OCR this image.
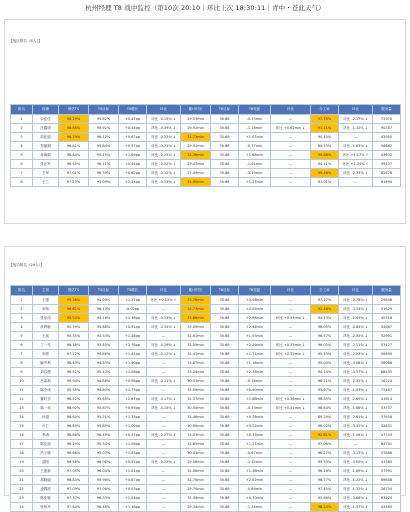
杭州经理 T8 战中监控（第10次 20:10｜环比上次 18:30:11｜青中・苍此天气）
【战区排名（8人）】
排名	经理	预估TS	TS目标	TS增长	环比	累计时长	T8目标	T8差距	环比	分工率	环比	服务量
1	余佳佳	96.29%	95.82%	+0.47pp	环比 -0.15% ↓	29.53min	30.68	-0.75min	—	97.75%	环比 -2.17% ↓	72970
2	沈耀明	96.85%	95.92%	+0.44pp	环比 -0.39% ↓	29.92min	30.68	-1.16min	环比 +0.62min ↓	91.11%	环比 -1.32% ↓	90357
3	周佳丽	96.79%	96.12%	+0.67pp	环比 -0.22% ↓	31.73min	30.68	+1.07min	—	90.40%	—	43950
4	郑丽娟	96.81%	95.84%	+0.97pp	环比 -0.21% ↓	29.91min	30.68	-0.77min	—	89.75%	环比 -1.63% ↓	56862
5	蒋海娟	96.84%	95.15%	+1.69pp	环比 -0.25% ↓	32.36min	30.68	+1.68min	—	99.68%	环比 +1.17% ↑	43632
6	张正军	96.55%	96.11%	+0.44pp	环比 -0.22% ↓	29.07min	30.68	-1.61min	—	94.41%	环比 +3.34% ↑	59437
7	王军	97.01%	96.39%	+0.62pp	环比 -0.12% ↓	27.49min	30.68	-3.19min	—	99.46%	环比 -2.33% ↓	82676
8	王兰	97.23%	95.09%	+2.14pp	环比 -0.13% ↓	31.95min	30.68	+1.27min	—	91.01%	—	61694
【战功排名（24人）】
排名	主管	预估TS	TS目标	TS增长	环比	累计时长	T8目标	T8差距	环比	分工率	环比	服务量
1	王强	95.36%	94.09%	+1.27pp	环比 +0.13% ↑	33.78min	30.68	+3.08min	—	97.27%	环比 -0.78% ↓	29846
2	刘伟	96.61%	96.13%	-0.02pp	—	34.73min	30.68	+4.05min	—	92.48%	环比 -3.54% ↓	51629
3	张东伟	95.54%	94.16%	+1.38pp	环比 -0.13% ↓	33.66min	30.68	+2.98min	环比 +0.34min ↓	94.13%	环比 -2.45% ↓	40318
4	丝利敏	95.79%	94.68%	+0.91pp	环比 -0.34% ↓	33.09min	30.68	+2.42min	—	96.05%	环比 -0.84% ↓	34667
5	王滨	95.35%	94.53%	+1.48pp	—	32.61min	30.68	+1.93min	—	96.57%	环比 -2.35% ↓	52991
6	丁一凡	96.16%	93.40%	+2.76pp	环比 -0.29% ↓	32.59min	30.68	+2.26min	环比 +0.35min ↓	96.05%	环比 -2.11% ↓	53427
7	刘青	97.22%	94.86%	+1.41pp	环比 -0.12% ↓	32.41min	30.68	+1.71min	环比 +0.32min ↓	95.55%	环比 -2.03% ↓	00895
8	解中利	96.43%	94.53%	+1.90pp	—	31.87min	30.68	+1.18min	—	95.04%	环比 -3.08% ↓	58088
9	刘启俊	96.51%	95.43%	+1.08pp	—	33.04min	30.68	+2.36min	—	94.14%	环比 -4.37% ↓	88435
10	吕高莉	95.94%	94.86%	+0.98pp	环比 -0.11% ↓	30.51min	30.68	-0.16min	—	96.51%	环比 -2.32% ↓	16224
11	陈杰成	95.55%	94.80%	+1.75pp	—	31.09min	30.68	+0.40min	—	95.67%	环比 -1.03% ↓	72487
12	董时享	96.52%	93.65%	+2.87pp	环比 -0.17% ↓	32.37min	30.68	+1.68min	环比 +0.38min ↓	96.85%	环比 -2.65% ↓	41614
13	陈一禾	96.92%	95.87%	+0.95pp	环比 -0.15% ↓	30.55min	30.68	-0.13min	环比 +0.41min ↓	96.64%	环比 -1.66% ↓	53737
14	孙超	96.84%	95.51%	+1.33pp	—	31.46min	30.68	+0.78min	—	89.29%	环比 -2.61% ↓	37658
15	卢仁	96.89%	95.89%	+1.00pp	—	30.90min	30.68	+0.22min	—	96.02%	环比 -3.42% ↓	52831
16	李涛	96.86%	96.49%	+0.37pp	环比 -0.27% ↓	31.03min	30.68	+0.35min	—	92.81%	环比 -1.16% ↓	47743
17	陈佳丽	96.29%	95.34%	+1.56pp	—	31.63min	30.68	+1.11min	—	97.06%	—	84741
18	冯子璧	96.86%	95.03%	+1.93pp	—	30.01min	30.68	-0.67min	—	96.27%	环比 -3.17% ↓	37888
19	邵阳	96.58%	96.06%	+0.52pp	环比 -0.25% ↓	29.56min	30.68	-1.12min	—	95.50%	环比 -3.00% ↓	41380
20	王建新	97.05%	96.04%	+1.01pp	—	32.06min	30.68	+1.38min	—	96.28%	环比 -1.69% ↓	37991
21	胡晓晓	96.83%	95.96%	+0.87pp	—	32.70min	30.68	+2.02min	—	96.77%	环比 -1.22% ↓	69648
22	凌锦波	97.09%	97.06%	+0.03pp	—	29.79min	30.68	-0.89min	—	97.45%	环比 -1.32% ↓	26734
23	陈佳敏	97.37%	96.33%	+1.04pp	—	31.39min	30.68	+0.70min	—	93.66%	环比 -3.66% ↓	63224
24	张彤丹	97.64%	96.48%	+1.16pp	—	29.34min	30.68	-1.34min	—	98.24%	环比 -1.57% ↓	43465
